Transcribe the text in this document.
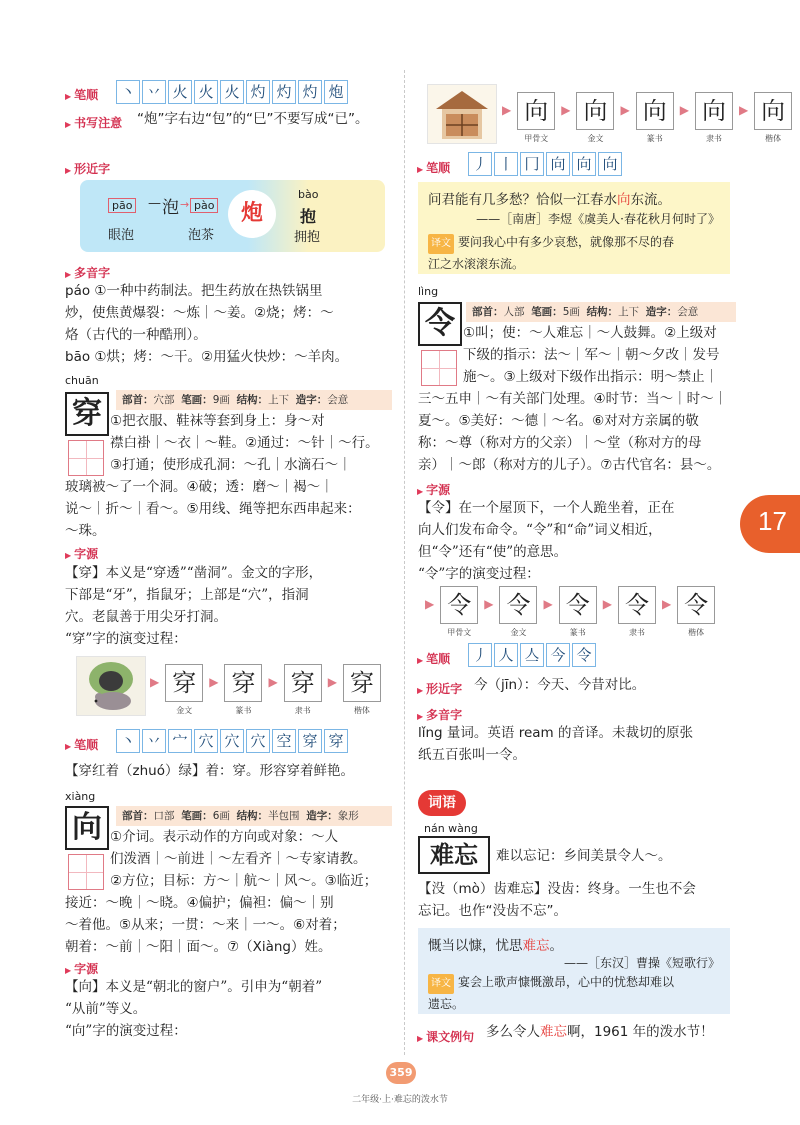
▶ 笔顺 丶 丷 火 火 火 灼 灼 灼 炮
▶ 书写注意	“炮”字右边“包”的“巳”不要写成“已”。
▶ 形近字
pāo	— 泡 → pào
眼泡	泡茶
炮
bào
抱
拥抱
▶ 多音字
páo ①一种中药制法。把生药放在热铁锅里
炒，使焦黄爆裂：～炼｜～姜。②烧；烤：～
烙（古代的一种酷刑）。
bāo ①烘；烤：～干。②用猛火快炒：～羊肉。
chuān
穿	部首：穴部 笔画：9画 结构：上下 造字：会意
①把衣服、鞋袜等套到身上：身～对
襟白褂｜～衣｜～鞋。②通过：～针｜～行。
③打通；使形成孔洞：～孔｜水滴石～｜
玻璃被～了一个洞。④破；透：磨～｜褐～｜
说～｜折～｜看～。⑤用线、绳等把东西串起来：
～珠。
▶ 字源
【穿】本义是“穿透”“凿洞”。金文的字形，
下部是“牙”，指鼠牙；上部是“穴”，指洞
穴。老鼠善于用尖牙打洞。
“穿”字的演变过程：
▶ 穿
金文
▶ 穿
篆书
▶ 穿
隶书
▶ 穿
楷体
▶ 笔顺 丶 丷 宀 穴 穴 穴 空 穿 穿
【穿红着（zhuó）绿】着：穿。形容穿着鲜艳。
xiàng
向	部首：口部 笔画：6画 结构：半包围 造字：象形
①介词。表示动作的方向或对象：～人
们泼酒｜～前进｜～左看齐｜～专家请教。
②方位；目标：方～｜航～｜风～。③临近；
接近：～晚｜～晓。④偏护；偏袒：偏～｜别
～着他。⑤从来；一贯：～来｜一～。⑥对着；
朝着：～前｜～阳｜面～。⑦（Xiàng）姓。
▶ 字源
【向】本义是“朝北的窗户”。引申为“朝着”
“从前”等义。
“向”字的演变过程：
▶ 向
甲骨文
▶ 向
金文
▶ 向
篆书
▶ 向
隶书
▶ 向
楷体
▶ 笔顺 丿 丨 冂 向 向 向
问君能有几多愁？恰似一江春水向东流。
——［南唐］李煜《虞美人·春花秋月何时了》
译文 要问我心中有多少哀愁，就像那不尽的春
江之水滚滚东流。
lìng
令	部首：人部 笔画：5画 结构：上下 造字：会意
①叫；使：～人难忘｜～人鼓舞。②上级对
下级的指示：法～｜军～｜朝～夕改｜发号
施～。③上级对下级作出指示：明～禁止｜
三～五申｜～有关部门处理。④时节：当～｜时～｜
夏～。⑤美好：～德｜～名。⑥对对方亲属的敬
称：～尊（称对方的父亲）｜～堂（称对方的母
亲）｜～郎（称对方的儿子）。⑦古代官名：县～。
▶ 字源
【令】在一个屋顶下，一个人跪坐着，正在
向人们发布命令。“令”和“命”词义相近，
但“令”还有“使”的意思。
“令”字的演变过程：
▶ 令
甲骨文
▶ 令
金文
▶ 令
篆书
▶ 令
隶书
▶ 令
楷体
▶ 笔顺 丿 人 亼 今 令
▶ 形近字 今（jīn）：今天、今昔对比。
▶ 多音字
lǐng 量词。英语 ream 的音译。未裁切的原张
纸五百张叫一令。
词语
nán wàng
难忘	难以忘记：乡间美景令人～。
【没（mò）齿难忘】没齿：终身。一生也不会
忘记。也作“没齿不忘”。
慨当以慷，忧思难忘。
——［东汉］曹操《短歌行》
译文 宴会上歌声慷慨激昂，心中的忧愁却难以
遗忘。
▶ 课文例句 多么令人难忘啊，1961 年的泼水节！
17
359
二年级·上·难忘的泼水节
